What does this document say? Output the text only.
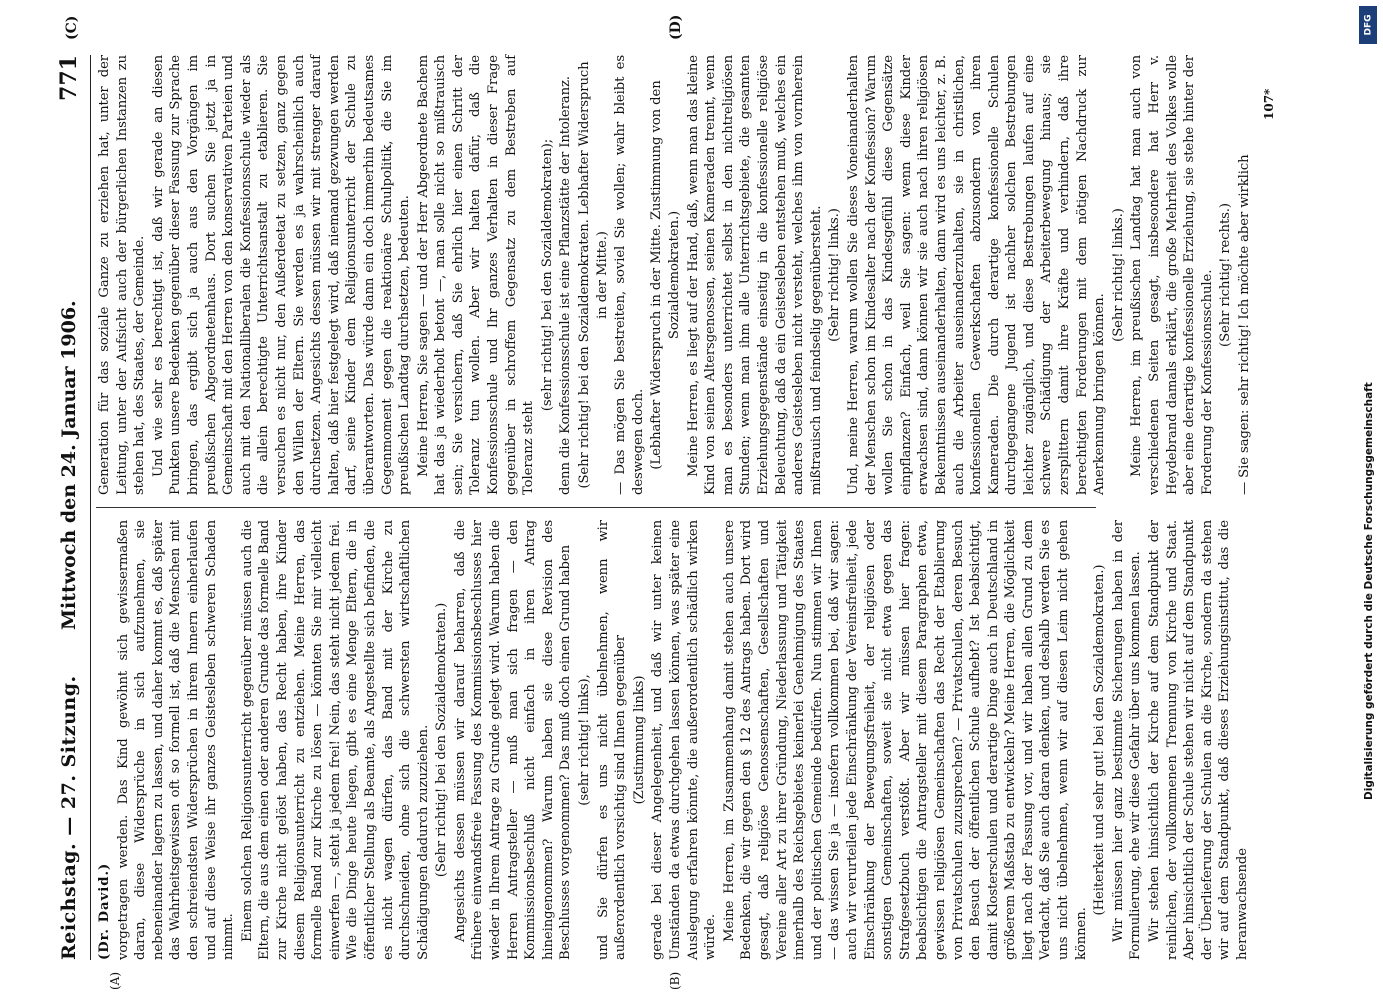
Reichstag. — 27. Sitzung.
Mittwoch den 24. Januar 1906.
771
(A)	(B)
(C)	(D)

(Dr. David.) vorgetragen werden. Das Kind gewöhnt sich gewissermaßen daran, diese Widersprüche in sich aufzunehmen, sie nebeneinander lagern zu lassen, und daher kommt es, daß später das Wahrheitsgewissen oft so formell ist, daß die Menschen mit den schreiendsten Widersprüchen in ihrem Innern einherlaufen und auf diese Weise ihr ganzes Geistesleben schweren Schaden nimmt. Einem solchen Religionsunterricht gegenüber müssen auch die Eltern, die aus dem einen oder anderen Grunde das formelle Band zur Kirche nicht gelöst haben, das Recht haben, ihre Kinder diesem Religionsunterricht zu entziehen. Meine Herren, das formelle Band zur Kirche zu lösen — könnten Sie mir vielleicht einwerfen —, steht ja jedem frei! Nein, das steht nicht jedem frei. Wie die Dinge heute liegen, gibt es eine Menge Eltern, die in öffentlicher Stellung als Beamte, als Angestellte sich befinden, die es nicht wagen dürfen, das Band mit der Kirche zu durchschneiden, ohne sich die schwersten wirtschaftlichen Schädigungen dadurch zuzuziehen. (Sehr richtig! bei den Sozialdemokraten.) Angesichts dessen müssen wir darauf beharren, daß die frühere einwandsfreie Fassung des Kommissionsbeschlusses hier wieder in Ihrem Antrage zu Grunde gelegt wird. Warum haben die Herren Antragsteller — muß man sich fragen — den Kommissionsbeschluß nicht einfach in ihren Antrag hineingenommen? Warum haben sie diese Revision des Beschlusses vorgenommen? Das muß doch einen Grund haben (sehr richtig! links), und Sie dürfen es uns nicht übelnehmen, wenn wir außerordentlich vorsichtig sind Ihnen gegenüber (Zustimmung links) gerade bei dieser Angelegenheit, und daß wir unter keinen Umständen da etwas durchgehen lassen können, was später eine Auslegung erfahren könnte, die außerordentlich schädlich wirken würde. Meine Herren, im Zusammenhang damit stehen auch unsere Bedenken, die wir gegen den § 12 des Antrags haben. Dort wird gesagt, daß religiöse Genossenschaften, Gesellschaften und Vereine aller Art zu ihrer Gründung, Niederlassung und Tätigkeit innerhalb des Reichsgebietes keinerlei Genehmigung des Staates und der politischen Gemeinde bedürfen. Nun stimmen wir Ihnen — das wissen Sie ja — insofern vollkommen bei, daß wir sagen: auch wir verurteilen jede Einschränkung der Vereinsfreiheit, jede Einschränkung der Bewegungsfreiheit, der religiösen oder sonstigen Gemeinschaften, soweit sie nicht etwa gegen das Strafgesetzbuch verstößt. Aber wir müssen hier fragen: beabsichtigen die Antragsteller mit diesem Paragraphen etwa, gewissen religiösen Gemeinschaften das Recht der Etablierung von Privatschulen zuzusprechen? — Privatschulen, deren Besuch den Besuch der öffentlichen Schule aufhebt? Ist beabsichtigt, damit Klosterschulen und derartige Dinge auch in Deutschland in größerem Maßstab zu entwickeln? Meine Herren, die Möglichkeit liegt nach der Fassung vor, und wir haben allen Grund zu dem Verdacht, daß Sie auch daran denken, und deshalb werden Sie es uns nicht übelnehmen, wenn wir auf diesen Leim nicht gehen können.

(Heiterkeit und sehr gut! bei den Sozialdemokraten.) Wir müssen hier ganz bestimmte Sicherungen haben in der Formulierung, ehe wir diese Gefahr über uns kommen lassen. Wir stehen hinsichtlich der Kirche auf dem Standpunkt der reinlichen, der vollkommenen Trennung von Kirche und Staat. Aber hinsichtlich der Schule stehen wir nicht auf dem Standpunkt der Überlieferung der Schulen an die Kirche, sondern da stehen wir auf dem Standpunkt, daß dieses Erziehungsinstitut, das die heranwachsende

Generation für das soziale Ganze zu erziehen hat, unter der Leitung, unter der Aufsicht auch der bürgerlichen Instanzen zu stehen hat, des Staates, der Gemeinde. Und wie sehr es berechtigt ist, daß wir gerade an diesen Punkten unsere Bedenken gegenüber dieser Fassung zur Sprache bringen, das ergibt sich ja auch aus den Vorgängen im preußischen Abgeordnetenhaus. Dort suchen Sie jetzt ja in Gemeinschaft mit den Herren von den konservativen Parteien und auch mit den Nationalliberalen die Konfessionsschule wieder als die allein berechtigte Unterrichtsanstalt zu etablieren. Sie versuchen es nicht nur, den Außerdeetat zu setzen, ganz gegen den Willen der Eltern. Sie werden es ja wahrscheinlich auch durchsetzen. Angesichts dessen müssen wir mit strenger darauf halten, daß hier festgelegt wird, daß niemand gezwungen werden darf, seine Kinder dem Religionsunterricht der Schule zu überantworten. Das würde dann ein doch immerhin bedeutsames Gegenmoment gegen die reaktionäre Schulpolitik, die Sie im preußischen Landtag durchsetzen, bedeuten. Meine Herren, Sie sagen — und der Herr Abgeordnete Bachem hat das ja wiederholt betont —, man solle nicht so mißtrauisch sein; Sie versichern, daß Sie ehrlich hier einen Schritt der Toleranz tun wollen. Aber wir halten dafür, daß die Konfessionsschule und Ihr ganzes Verhalten in dieser Frage gegenüber in schroffem Gegensatz zu dem Bestreben auf Toleranz steht

(sehr richtig! bei den Sozialdemokraten); denn die Konfessionsschule ist eine Pflanzstätte der Intoleranz. (Sehr richtig! bei den Sozialdemokraten. Lebhafter Widerspruch in der Mitte.) — Das mögen Sie bestreiten, soviel Sie wollen; wahr bleibt es deswegen doch. (Lebhafter Widerspruch in der Mitte. Zustimmung von den Sozialdemokraten.) Meine Herren, es liegt auf der Hand, daß, wenn man das kleine Kind von seinen Altersgenossen, seinen Kameraden trennt, wenn man es besonders unterrichtet selbst in den nichtreligiösen Stunden; wenn man ihm alle Unterrichtsgebiete, die gesamten Erziehungsgegenstände einseitig in die konfessionelle religiöse Beleuchtung, daß da ein Geistesleben entstehen muß, welches ein anderes Geistesleben nicht versteht, welches ihm von vornherein mißtrauisch und feindselig gegenübersteht. (Sehr richtig! links.) Und, meine Herren, warum wollen Sie dieses Voneinanderhalten der Menschen schon im Kindesalter nach der Konfession? Warum wollen Sie schon in das Kindesgefühl diese Gegensätze einpflanzen? Einfach, weil Sie sagen: wenn diese Kinder erwachsen sind, dann können wir sie auch nach ihren religiösen Bekenntnissen auseinanderhalten, dann wird es uns leichter, z. B. auch die Arbeiter auseinanderzuhalten, sie in christlichen, konfessionellen Gewerkschaften abzusondern von ihren Kameraden. Die durch derartige konfessionelle Schulen durchgegangene Jugend ist nachher solchen Bestrebungen leichter zugänglich, und diese Bestrebungen laufen auf eine schwere Schädigung der Arbeiterbewegung hinaus; sie zersplittern damit ihre Kräfte und verhindern, daß ihre berechtigten Forderungen mit dem nötigen Nachdruck zur Anerkennung bringen können.

(Sehr richtig! links.) Meine Herren, im preußischen Landtag hat man auch von verschiedenen Seiten gesagt, insbesondere hat Herr v. Heydebrand damals erklärt, die große Mehrheit des Volkes wolle aber eine derartige konfessionelle Erziehung, sie stehe hinter der Forderung der Konfessionsschule. (Sehr richtig! rechts.) — Sie sagen: sehr richtig! Ich möchte aber wirklich

107*
DFG
Digitalisierung gefördert durch die Deutsche Forschungsgemeinschaft
